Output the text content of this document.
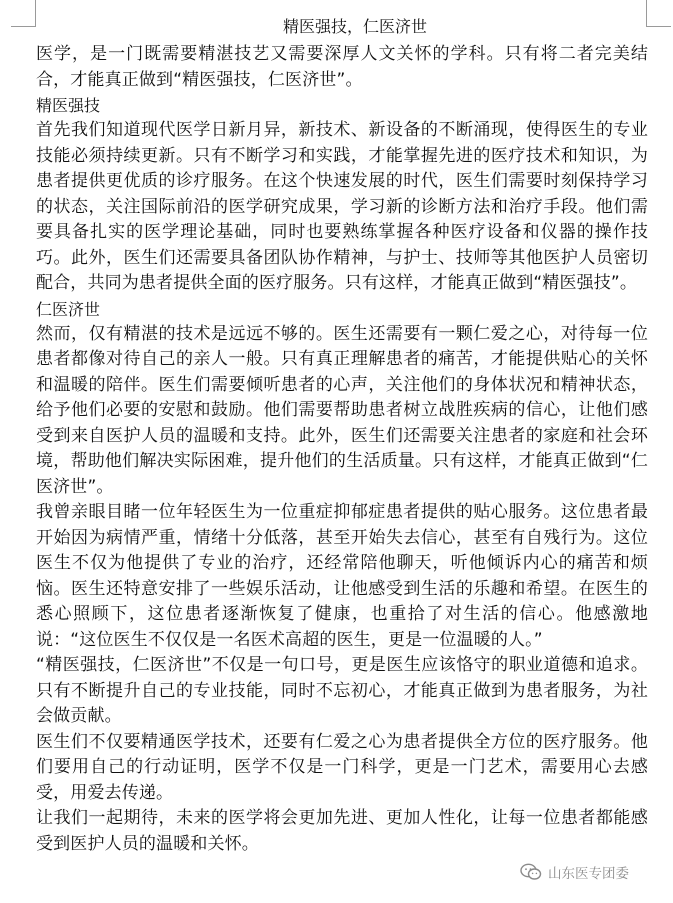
精医强技，仁医济世

医学，是一门既需要精湛技艺又需要深厚人文关怀的学科。只有将二者完美结合，才能真正做到“精医强技，仁医济世”。

精医强技

首先我们知道现代医学日新月异，新技术、新设备的不断涌现，使得医生的专业技能必须持续更新。只有不断学习和实践，才能掌握先进的医疗技术和知识，为患者提供更优质的诊疗服务。在这个快速发展的时代，医生们需要时刻保持学习的状态，关注国际前沿的医学研究成果，学习新的诊断方法和治疗手段。他们需要具备扎实的医学理论基础，同时也要熟练掌握各种医疗设备和仪器的操作技巧。此外，医生们还需要具备团队协作精神，与护士、技师等其他医护人员密切配合，共同为患者提供全面的医疗服务。只有这样，才能真正做到“精医强技”。

仁医济世

然而，仅有精湛的技术是远远不够的。医生还需要有一颗仁爱之心，对待每一位患者都像对待自己的亲人一般。只有真正理解患者的痛苦，才能提供贴心的关怀和温暖的陪伴。医生们需要倾听患者的心声，关注他们的身体状况和精神状态，给予他们必要的安慰和鼓励。他们需要帮助患者树立战胜疾病的信心，让他们感受到来自医护人员的温暖和支持。此外，医生们还需要关注患者的家庭和社会环境，帮助他们解决实际困难，提升他们的生活质量。只有这样，才能真正做到“仁医济世”。

我曾亲眼目睹一位年轻医生为一位重症抑郁症患者提供的贴心服务。这位患者最开始因为病情严重，情绪十分低落，甚至开始失去信心，甚至有自残行为。这位医生不仅为他提供了专业的治疗，还经常陪他聊天，听他倾诉内心的痛苦和烦恼。医生还特意安排了一些娱乐活动，让他感受到生活的乐趣和希望。在医生的悉心照顾下，这位患者逐渐恢复了健康，也重拾了对生活的信心。他感激地说：“这位医生不仅仅是一名医术高超的医生，更是一位温暖的人。”

“精医强技，仁医济世”不仅是一句口号，更是医生应该恪守的职业道德和追求。只有不断提升自己的专业技能，同时不忘初心，才能真正做到为患者服务，为社会做贡献。

医生们不仅要精通医学技术，还要有仁爱之心为患者提供全方位的医疗服务。他们要用自己的行动证明，医学不仅是一门科学，更是一门艺术，需要用心去感受，用爱去传递。

让我们一起期待，未来的医学将会更加先进、更加人性化，让每一位患者都能感受到医护人员的温暖和关怀。

山东医专团委
